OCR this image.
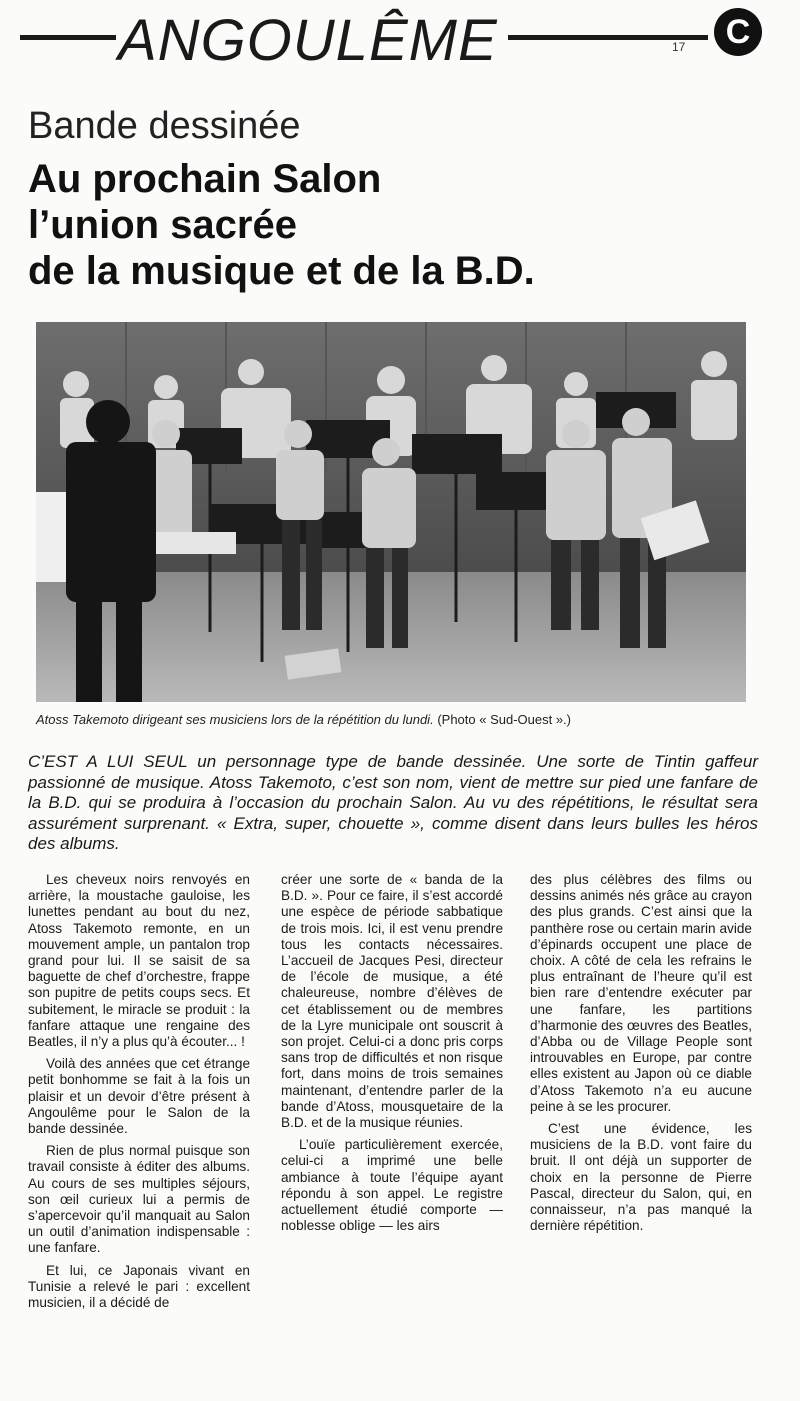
ANGOULÊME	17	C
Bande dessinée
Au prochain Salon
l’union sacrée
de la musique et de la B.D.
Atoss Takemoto dirigeant ses musiciens lors de la répétition du lundi. (Photo « Sud-Ouest ».)
C’EST A LUI SEUL un personnage type de bande dessinée. Une sorte de Tintin gaffeur passionné de musique. Atoss Takemoto, c’est son nom, vient de mettre sur pied une fanfare de la B.D. qui se produira à l’occasion du prochain Salon. Au vu des répétitions, le résultat sera assurément surprenant. « Extra, super, chouette », comme disent dans leurs bulles les héros des albums.

Les cheveux noirs renvoyés en arrière, la moustache gauloise, les lunettes pendant au bout du nez, Atoss Takemoto remonte, en un mouvement ample, un pantalon trop grand pour lui. Il se saisit de sa baguette de chef d’orchestre, frappe son pupitre de petits coups secs. Et subitement, le miracle se produit : la fanfare attaque une rengaine des Beatles, il n’y a plus qu’à écouter... !

Voilà des années que cet étrange petit bonhomme se fait à la fois un plaisir et un devoir d’être présent à Angoulême pour le Salon de la bande dessinée.

Rien de plus normal puisque son travail consiste à éditer des albums. Au cours de ses multiples séjours, son œil curieux lui a permis de s’apercevoir qu’il manquait au Salon un outil d’animation indispensable : une fanfare.

Et lui, ce Japonais vivant en Tunisie a relevé le pari : excellent musicien, il a décidé de

créer une sorte de « banda de la B.D. ». Pour ce faire, il s’est accordé une espèce de période sabbatique de trois mois. Ici, il est venu prendre tous les contacts nécessaires. L’accueil de Jacques Pesi, directeur de l’école de musique, a été chaleureuse, nombre d’élèves de cet établissement ou de membres de la Lyre municipale ont souscrit à son projet. Celui-ci a donc pris corps sans trop de difficultés et non risque fort, dans moins de trois semaines maintenant, d’entendre parler de la bande d’Atoss, mousquetaire de la B.D. et de la musique réunies.

L’ouïe particulièrement exercée, celui-ci a imprimé une belle ambiance à toute l’équipe ayant répondu à son appel. Le registre actuellement étudié comporte — noblesse oblige — les airs

des plus célèbres des films ou dessins animés nés grâce au crayon des plus grands. C’est ainsi que la panthère rose ou certain marin avide d’épinards occupent une place de choix. A côté de cela les refrains le plus entraînant de l’heure qu’il est bien rare d’entendre exécuter par une fanfare, les partitions d’harmonie des œuvres des Beatles, d’Abba ou de Village People sont introuvables en Europe, par contre elles existent au Japon où ce diable d’Atoss Takemoto n’a eu aucune peine à se les procurer.

C’est une évidence, les musiciens de la B.D. vont faire du bruit. Il ont déjà un supporter de choix en la personne de Pierre Pascal, directeur du Salon, qui, en connaisseur, n’a pas manqué la dernière répétition.
